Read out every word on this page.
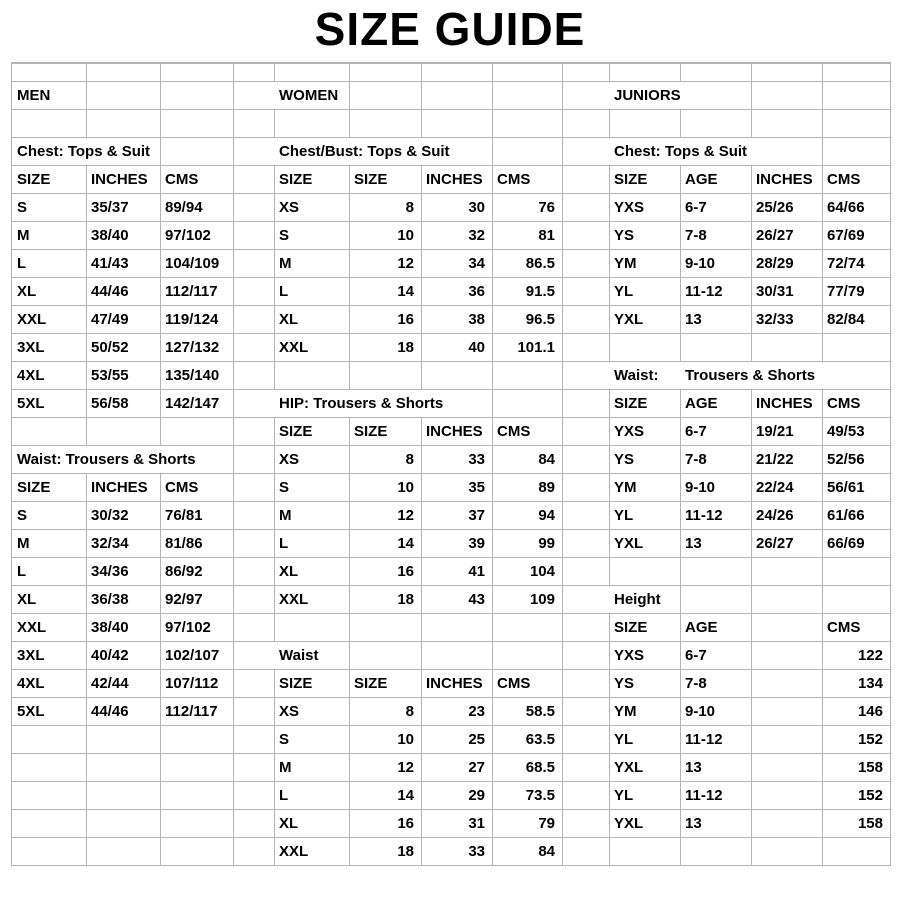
SIZE GUIDE
MEN
Chest: Tops & Suit
SIZE	INCHES	CMS
S	35/37	89/94
M	38/40	97/102
L	41/43	104/109
XL	44/46	112/117
XXL	47/49	119/124
3XL	50/52	127/132
4XL	53/55	135/140
5XL	56/58	142/147
Waist: Trousers & Shorts
SIZE	INCHES	CMS
S	30/32	76/81
M	32/34	81/86
L	34/36	86/92
XL	36/38	92/97
XXL	38/40	97/102
3XL	40/42	102/107
4XL	42/44	107/112
5XL	44/46	112/117
WOMEN
Chest/Bust: Tops & Suit
SIZE	SIZE	INCHES CMS
XS	8	30	76
S	10	32	81
M	12	34	86.5
L	14	36	91.5
XL	16	38	96.5
XXL	18	40	101.1
HIP: Trousers & Shorts
SIZE	SIZE	INCHES CMS
XS	8	33	84
S	10	35	89
M	12	37	94
L	14	39	99
XL	16	41	104
XXL	18	43	109
Waist
SIZE	SIZE	INCHES CMS
XS	8	23	58.5
S	10	25	63.5
M	12	27	68.5
L	14	29	73.5
XL	16	31	79
XXL	18	33	84
JUNIORS
Chest: Tops & Suit
SIZE	AGE	INCHES CMS
YXS	6-7	25/26	64/66
YS	7-8	26/27	67/69
YM	9-10	28/29	72/74
YL	11-12	30/31	77/79
YXL	13	32/33	82/84
Waist:	Trousers & Shorts
SIZE	AGE	INCHES CMS
YXS	6-7	19/21	49/53
YS	7-8	21/22	52/56
YM	9-10	22/24	56/61
YL	11-12	24/26	61/66
YXL	13	26/27	66/69
Height
SIZE	AGE	CMS
YXS	6-7	122
YS	7-8	134
YM	9-10	146
YL	11-12	152
YXL	13	158
YL	11-12	152
YXL	13	158
